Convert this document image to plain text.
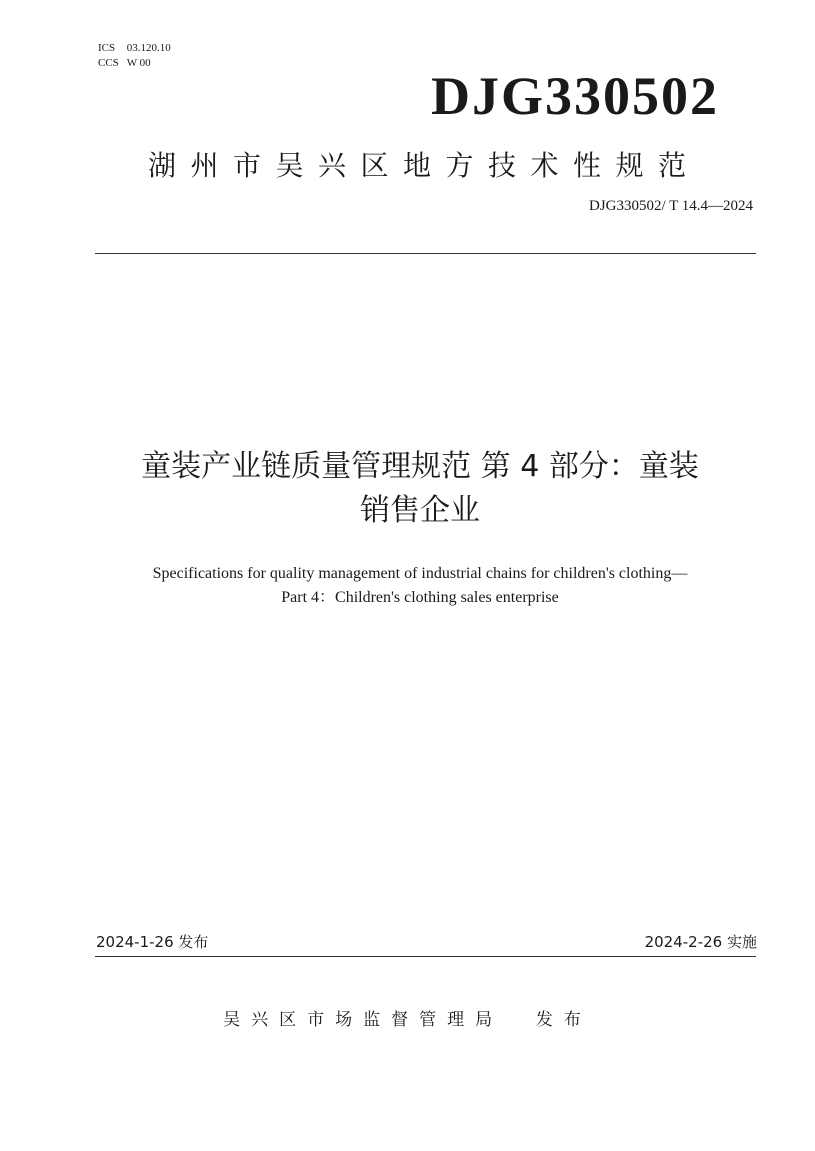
ICS 03.120.10
CCS W 00
DJG330502
湖州市吴兴区地方技术性规范
DJG330502/ T 14.4—2024
童装产业链质量管理规范 第 4 部分：童装
销售企业
Specifications for quality management of industrial chains for children's clothing—
Part 4：Children's clothing sales enterprise
2024-1-26 发布	2024-2-26 实施
吴兴区市场监督管理局  发布
